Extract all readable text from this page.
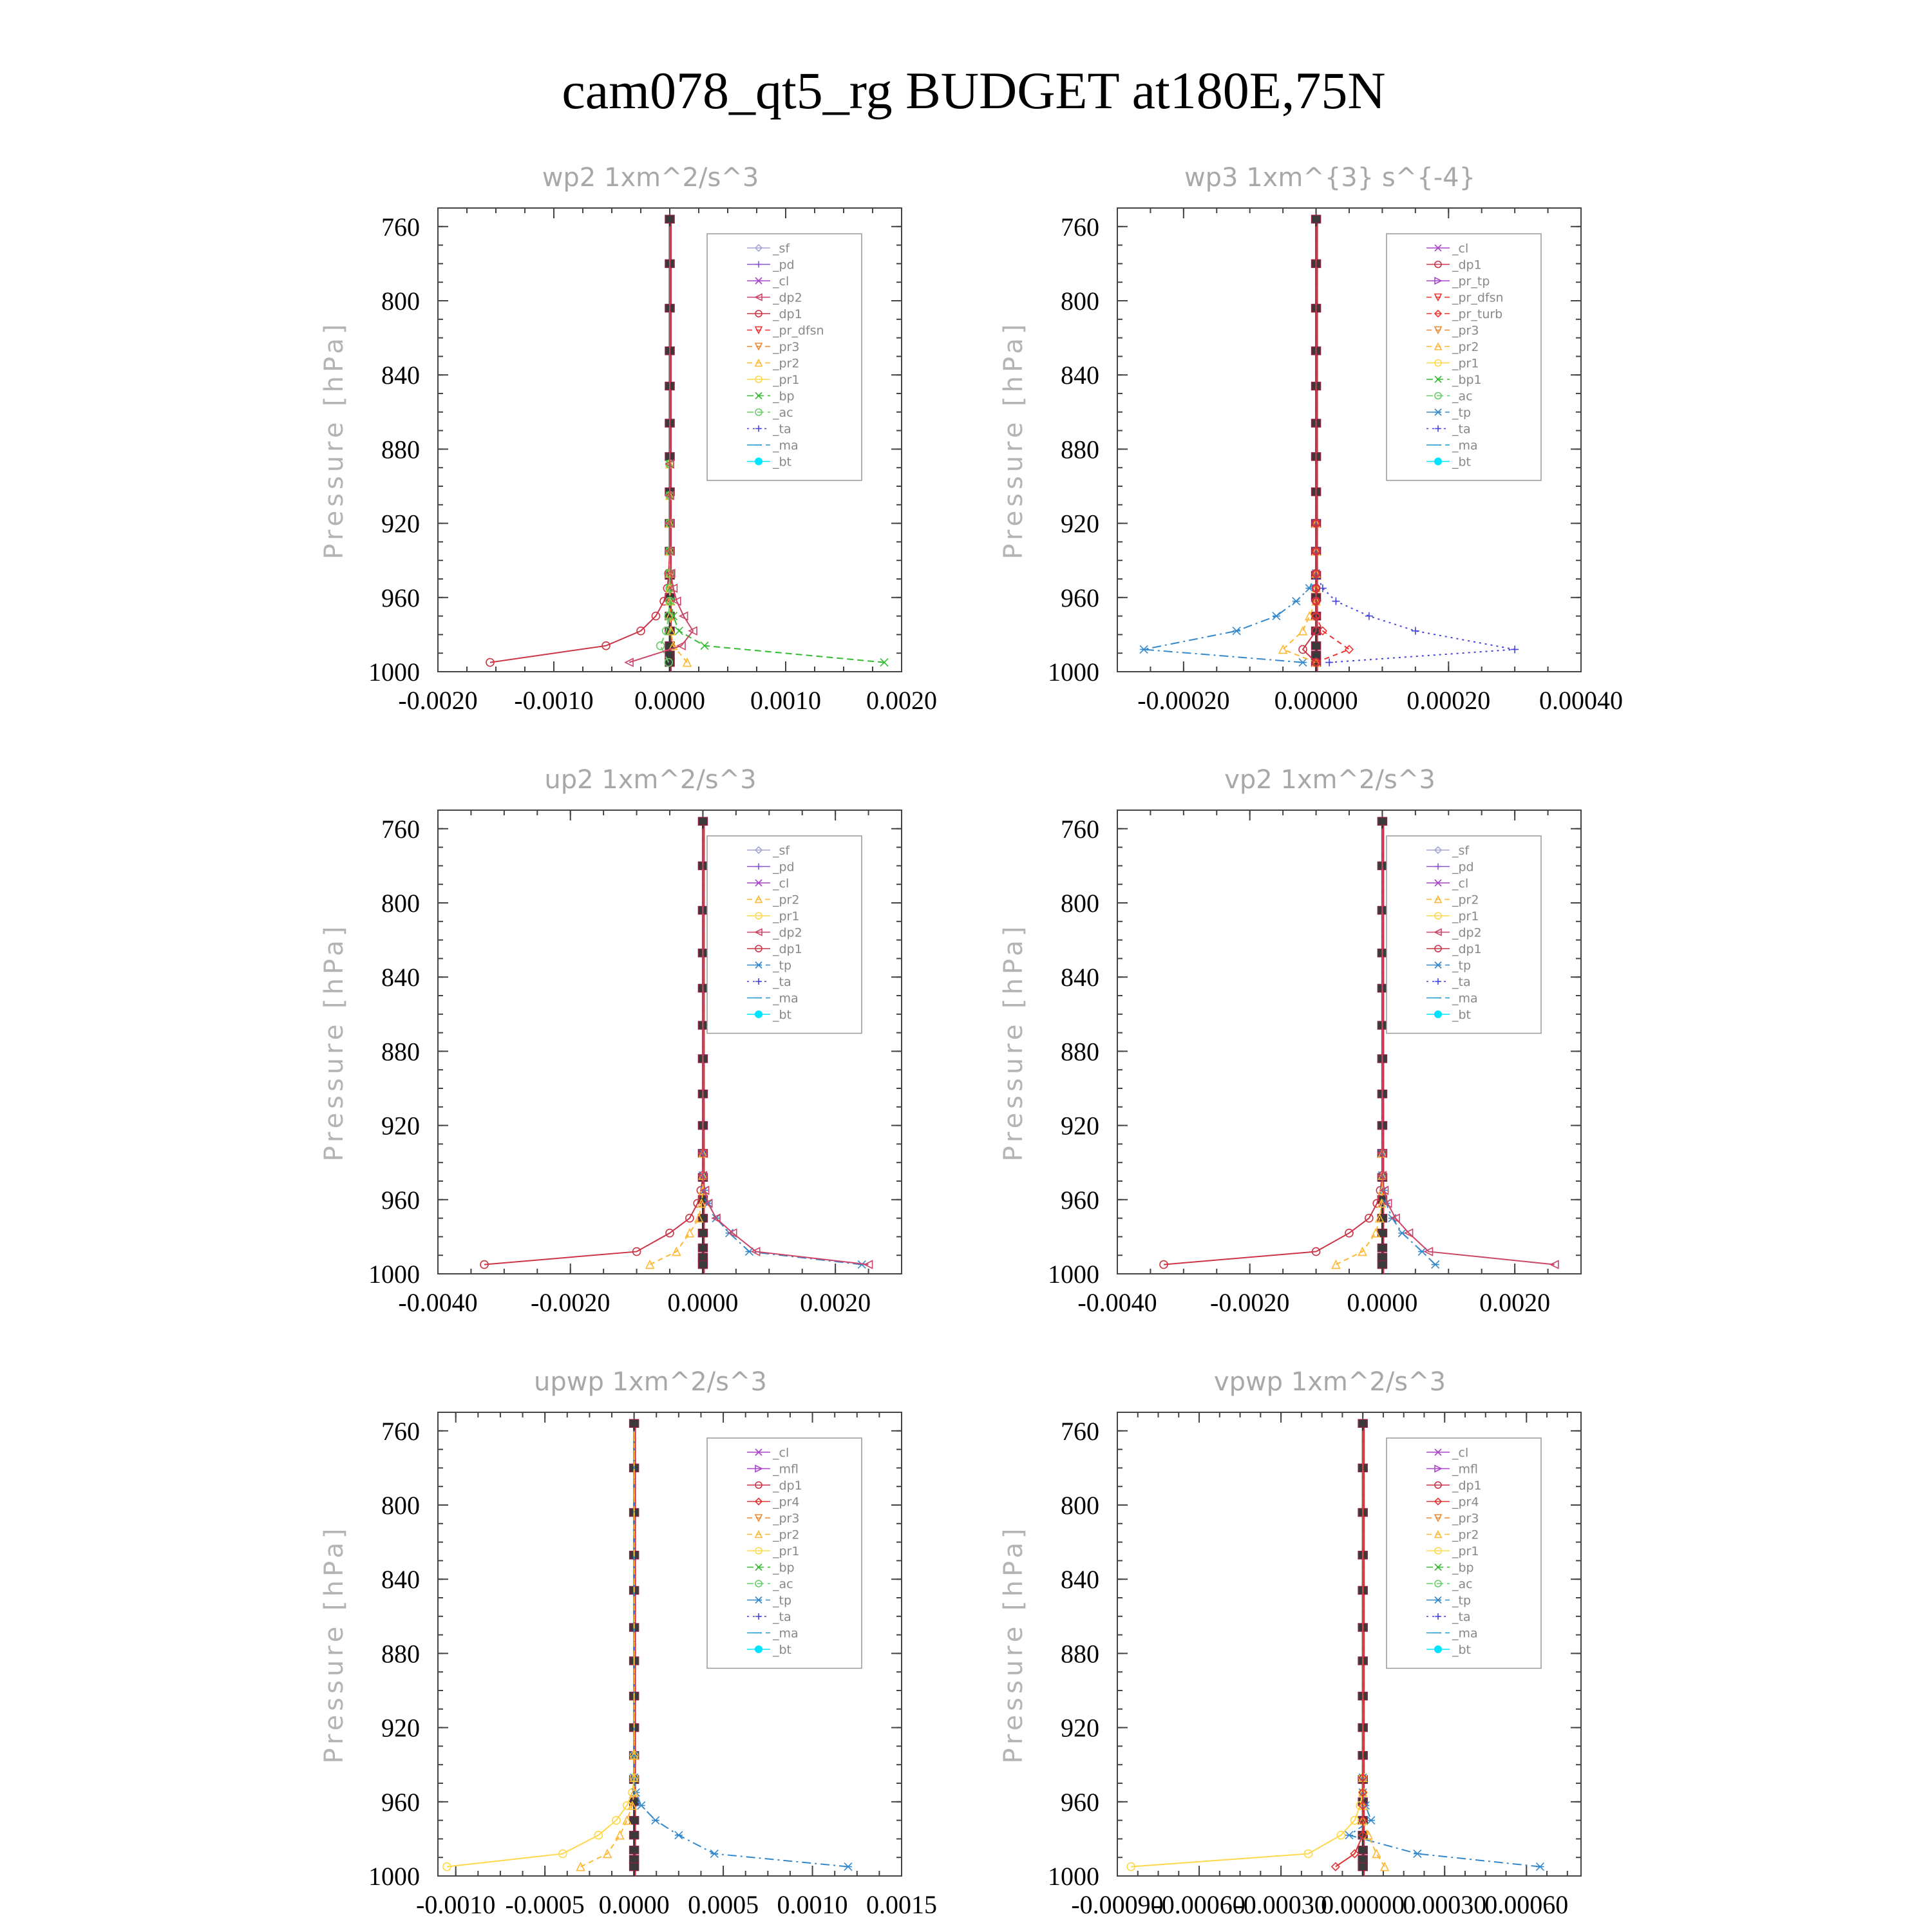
cam078_qt5_rg BUDGET at180E,75N
wp2 1xm^2/s^3
Pressure [hPa]
760
800
840
880
920
960
1000
-0.0020 -0.0010 0.0000 0.0010 0.0020
_sf
_pd
_cl
_dp2
_dp1
_pr_dfsn
_pr3
_pr2
_pr1
_bp
_ac
_ta
_ma
_bt
wp3 1xm^{3} s^{-4}
Pressure [hPa]
760
800
840
880
920
960
1000
-0.00020 0.00000 0.00020 0.00040
_cl
_dp1
_pr_tp
_pr_dfsn
_pr_turb
_pr3
_pr2
_pr1
_bp1
_ac
_tp
_ta
_ma
_bt
up2 1xm^2/s^3
Pressure [hPa]
760
800
840
880
920
960
1000
-0.0040 -0.0020 0.0000 0.0020
_sf
_pd
_cl
_pr2
_pr1
_dp2
_dp1
_tp
_ta
_ma
_bt
vp2 1xm^2/s^3
Pressure [hPa]
760
800
840
880
920
960
1000
-0.0040 -0.0020 0.0000 0.0020
_sf
_pd
_cl
_pr2
_pr1
_dp2
_dp1
_tp
_ta
_ma
_bt
upwp 1xm^2/s^3
Pressure [hPa]
760
800
840
880
920
960
1000
-0.0010 -0.0005 0.0000 0.0005 0.0010 0.0015
_cl
_mfl
_dp1
_pr4
_pr3
_pr2
_pr1
_bp
_ac
_tp
_ta
_ma
_bt
vpwp 1xm^2/s^3
Pressure [hPa]
760
800
840
880
920
960
1000
-0.00090
-0.00060
-0.00030
0.00000
0.00030
0.00060
_cl
_mfl
_dp1
_pr4
_pr3
_pr2
_pr1
_bp
_ac
_tp
_ta
_ma
_bt
